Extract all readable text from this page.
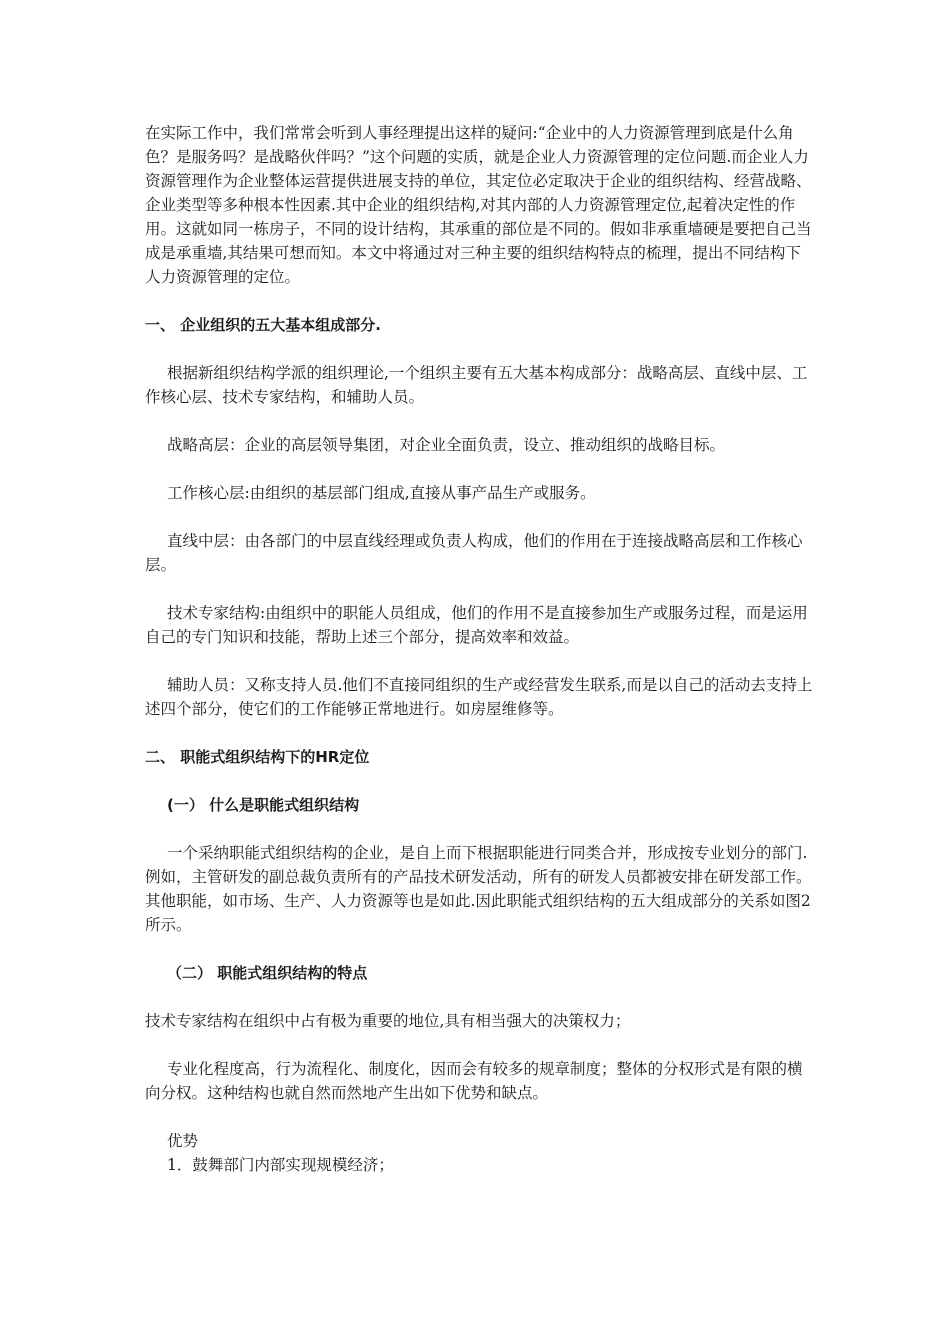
在实际工作中，我们常常会听到人事经理提出这样的疑问:“企业中的人力资源管理到底是什么角色？是服务吗？是战略伙伴吗？”这个问题的实质，就是企业人力资源管理的定位问题.而企业人力资源管理作为企业整体运营提供进展支持的单位，其定位必定取决于企业的组织结构、经营战略、企业类型等多种根本性因素.其中企业的组织结构,对其内部的人力资源管理定位,起着决定性的作用。这就如同一栋房子，不同的设计结构，其承重的部位是不同的。假如非承重墙硬是要把自己当成是承重墙,其结果可想而知。本文中将通过对三种主要的组织结构特点的梳理，提出不同结构下人力资源管理的定位。

一、 企业组织的五大基本组成部分.

根据新组织结构学派的组织理论,一个组织主要有五大基本构成部分：战略高层、直线中层、工作核心层、技术专家结构，和辅助人员。

战略高层：企业的高层领导集团，对企业全面负责，设立、推动组织的战略目标。

工作核心层:由组织的基层部门组成,直接从事产品生产或服务。

直线中层：由各部门的中层直线经理或负责人构成，他们的作用在于连接战略高层和工作核心层。

技术专家结构:由组织中的职能人员组成，他们的作用不是直接参加生产或服务过程，而是运用自己的专门知识和技能，帮助上述三个部分，提高效率和效益。

辅助人员：又称支持人员.他们不直接同组织的生产或经营发生联系,而是以自己的活动去支持上述四个部分，使它们的工作能够正常地进行。如房屋维修等。

二、 职能式组织结构下的HR定位
(一） 什么是职能式组织结构

一个采纳职能式组织结构的企业，是自上而下根据职能进行同类合并，形成按专业划分的部门.例如，主管研发的副总裁负责所有的产品技术研发活动，所有的研发人员都被安排在研发部工作。其他职能，如市场、生产、人力资源等也是如此.因此职能式组织结构的五大组成部分的关系如图2所示。

（二） 职能式组织结构的特点

技术专家结构在组织中占有极为重要的地位,具有相当强大的决策权力；

专业化程度高，行为流程化、制度化，因而会有较多的规章制度；整体的分权形式是有限的横向分权。这种结构也就自然而然地产生出如下优势和缺点。

优势
1．鼓舞部门内部实现规模经济；
